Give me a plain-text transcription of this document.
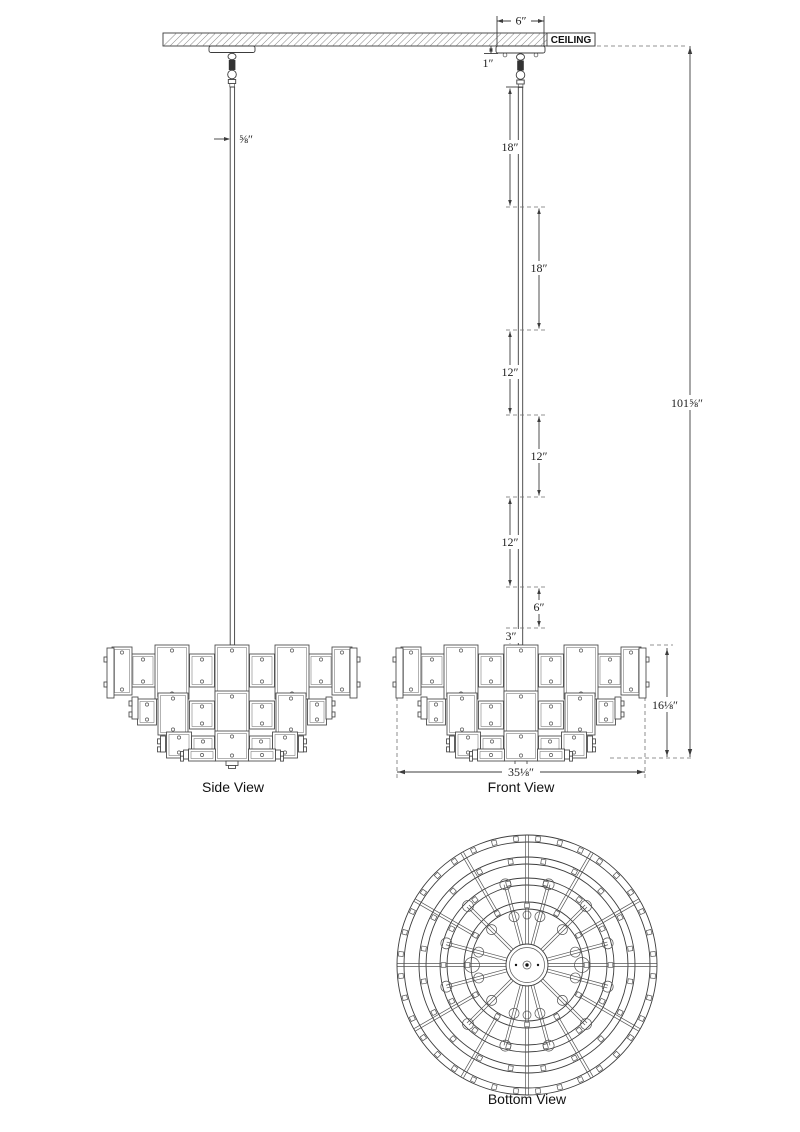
CEILING
6″
1″
⅝″
18″
18″
12″
12″
12″
6″
3″
101⅝″
16⅛″
35⅛″
Side View	Front View
Bottom View
